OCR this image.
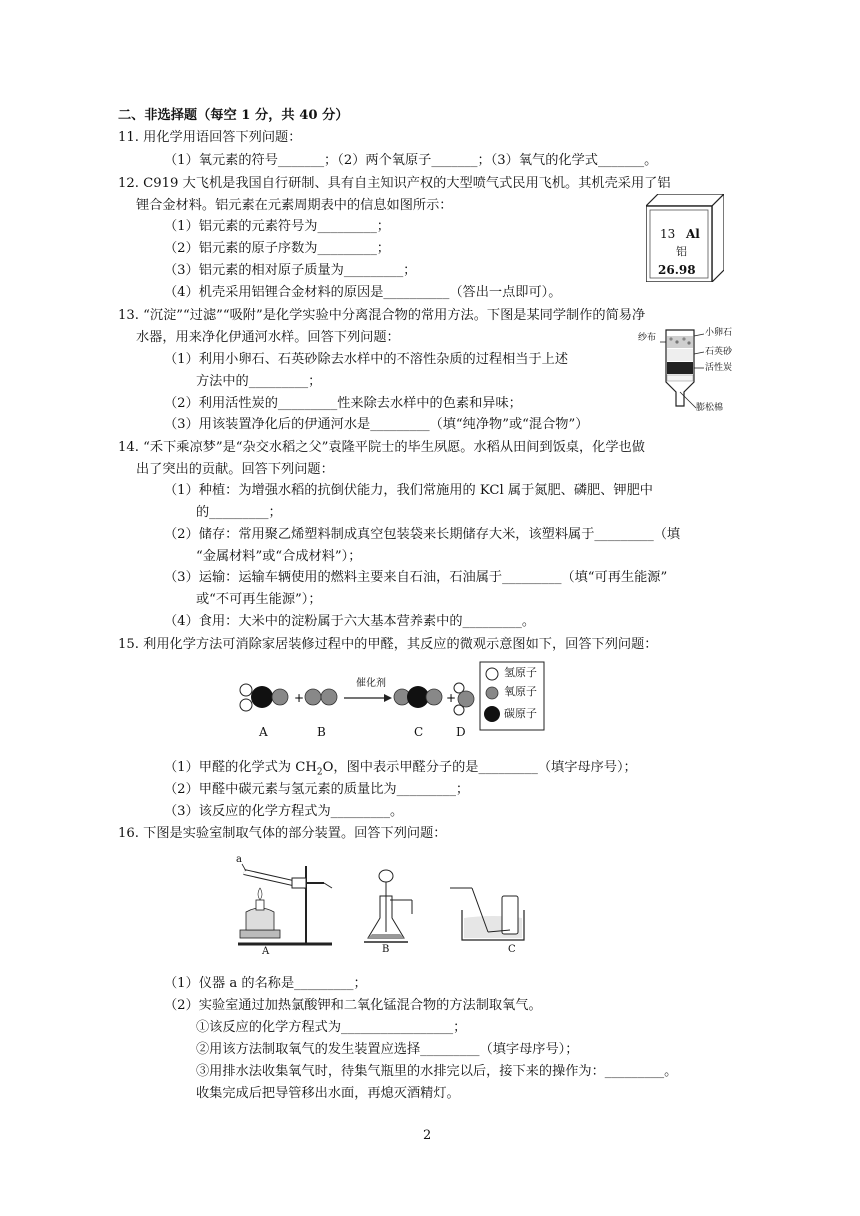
二、非选择题（每空 1 分，共 40 分）
11. 用化学用语回答下列问题：
（1）氧元素的符号_______；（2）两个氧原子_______；（3）氧气的化学式_______。
12. C919 大飞机是我国自行研制、具有自主知识产权的大型喷气式民用飞机。其机壳采用了铝
锂合金材料。铝元素在元素周期表中的信息如图所示：
（1）铝元素的元素符号为_________；
（2）铝元素的原子序数为_________；
（3）铝元素的相对原子质量为_________；
（4）机壳采用铝锂合金材料的原因是__________（答出一点即可）。
13 Al
铝
26.98
13. “沉淀”“过滤”“吸附”是化学实验中分离混合物的常用方法。下图是某同学制作的简易净
水器，用来净化伊通河水样。回答下列问题：
（1）利用小卵石、石英砂除去水样中的不溶性杂质的过程相当于上述
方法中的_________；
（2）利用活性炭的_________性来除去水样中的色素和异味；
（3）用该装置净化后的伊通河水是_________（填“纯净物”或“混合物”）
纱布	小卵石
石英砂
活性炭
膨松棉
14. “禾下乘凉梦”是“杂交水稻之父”袁隆平院士的毕生夙愿。水稻从田间到饭桌，化学也做
出了突出的贡献。回答下列问题：
（1）种植：为增强水稻的抗倒伏能力，我们常施用的 KCl 属于氮肥、磷肥、钾肥中
的_________；
（2）储存：常用聚乙烯塑料制成真空包装袋来长期储存大米，该塑料属于_________（填
“金属材料”或“合成材料”）；
（3）运输：运输车辆使用的燃料主要来自石油，石油属于_________（填“可再生能源”
或“不可再生能源”）；
（4）食用：大米中的淀粉属于六大基本营养素中的_________。
15. 利用化学方法可消除家居装修过程中的甲醛，其反应的微观示意图如下，回答下列问题：
+	+
催化剂
A	B	C	D
氢原子
氧原子
碳原子
（1）甲醛的化学式为 $CH_2O$，图中表示甲醛分子的是_________（填字母序号）；
（2）甲醛中碳元素与氢元素的质量比为_________；
（3）该反应的化学方程式为_________。
16. 下图是实验室制取气体的部分装置。回答下列问题：
a
A	B	C
（1）仪器 a 的名称是_________；
（2）实验室通过加热氯酸钾和二氧化锰混合物的方法制取氧气。
①该反应的化学方程式为_________________；
②用该方法制取氧气的发生装置应选择_________（填字母序号）；
③用排水法收集氧气时，待集气瓶里的水排完以后，接下来的操作为：_________。
收集完成后把导管移出水面，再熄灭酒精灯。
2
